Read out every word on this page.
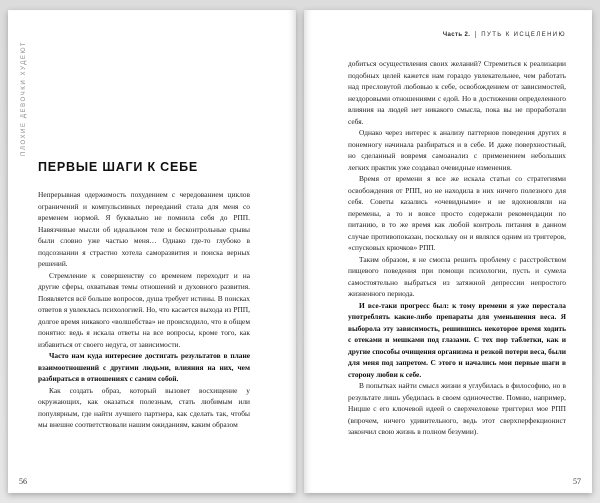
ПЛОХИЕ ДЕВОЧКИ ХУДЕЮТ
ПЕРВЫЕ ШАГИ К СЕБЕ

Непрерывная одержимость похудением с чередованием циклов ограничений и компульсивных перееданий стала для меня со временем нормой. Я буквально не помнила себя до РПП. Навязчивые мысли об идеальном теле и бесконтрольные срывы были словно уже частью меня… Однако где-то глубоко в подсознании я страстно хотела саморазвития и поиска верных решений.

Стремление к совершенству со временем переходит и на другие сферы, охватывая темы отношений и духовного развития. Появляется всё больше вопросов, душа требует истины. В поисках ответов я увлеклась психологией. Но, что касается выхода из РПП, долгое время никакого «волшебства» не происходило, что в общем понятно: ведь я искала ответы на все вопросы, кроме того, как избавиться от своего недуга, от зависимости.

Часто нам куда интереснее достигать результатов в плане взаимоотношений с другими людьми, влияния на них, чем разбираться в отношениях с самим собой.

Как создать образ, который вызовет восхищение у окружающих, как оказаться полезным, стать любимым или популярным, где найти лучшего партнера, как сделать так, чтобы мы внешне соответствовали нашим ожиданиям, каким образом

56
Часть 2. ПУТЬ К ИСЦЕЛЕНИЮ

добиться осуществления своих желаний? Стремиться к реализации подобных целей кажется нам гораздо увлекательнее, чем работать над пресловутой любовью к себе, освобождением от зависимостей, нездоровыми отношениями с едой. Но в достижении определенного влияния на людей нет никакого смысла, пока вы не проработали себя.

Однако через интерес к анализу паттернов поведения других я понемногу начинала разбираться и в себе. И даже поверхностный, но сделанный вовремя самоанализ с применением небольших легких практик уже создавал очевидные изменения.

Время от времени я все же искала статьи со стратегиями освобождения от РПП, но не находила в них ничего полезного для себя. Советы казались «очевидными» и не вдохновляли на перемены, а то и вовсе просто содержали рекомендации по питанию, в то же время как любой контроль питания в данном случае противопоказан, поскольку он и являлся одним из триггеров, «спусковых крючков» РПП.

Таким образом, я не смогла решить проблему с расстройством пищевого поведения при помощи психологии, пусть и сумела самостоятельно выбраться из затяжной депрессии непростого жизненного периода.

И все-таки прогресс был: к тому времени я уже перестала употреблять какие-либо препараты для уменьшения веса. Я выборола эту зависимость, решившись некоторое время ходить с отеками и мешками под глазами. С тех пор таблетки, как и другие способы очищения организма и резкой потери веса, были для меня под запретом. С этого и начались мои первые шаги в сторону любви к себе.

В попытках найти смысл жизни я углубилась в философию, но в результате лишь убедилась в своем одиночестве. Помню, например, Ницше с его ключевой идеей о сверхчеловеке триггерил мое РПП (впрочем, ничего удивительного, ведь этот сверхперфекционист закончил свою жизнь в полном безумии).

57
